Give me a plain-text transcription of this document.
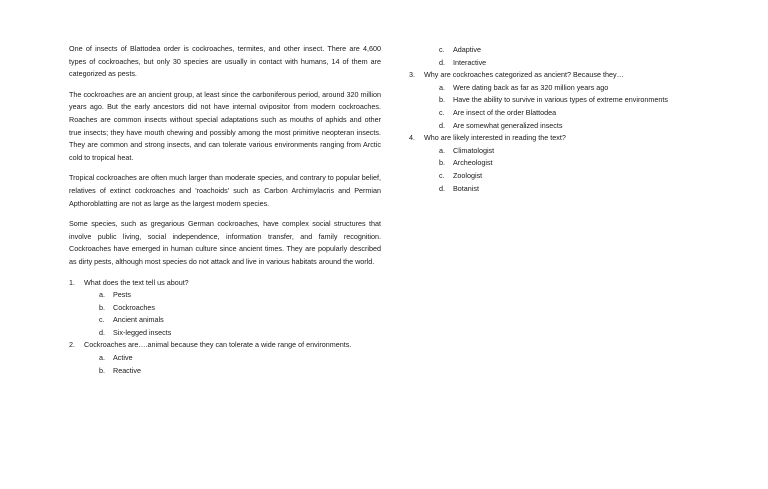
One of insects of Blattodea order is cockroaches, termites, and other insect. There are 4,600 types of cockroaches, but only 30 species are usually in contact with humans, 14 of them are categorized as pests.

The cockroaches are an ancient group, at least since the carboniferous period, around 320 million years ago. But the early ancestors did not have internal ovipositor from modern cockroaches. Roaches are common insects without special adaptations such as mouths of aphids and other true insects; they have mouth chewing and possibly among the most primitive neopteran insects. They are common and strong insects, and can tolerate various environments ranging from Arctic cold to tropical heat.

Tropical cockroaches are often much larger than moderate species, and contrary to popular belief, relatives of extinct cockroaches and 'roachoids' such as Carbon Archimylacris and Permian Apthoroblatting are not as large as the largest modern species.

Some species, such as gregarious German cockroaches, have complex social structures that involve public living, social independence, information transfer, and family recognition. Cockroaches have emerged in human culture since ancient times. They are popularly described as dirty pests, although most species do not attack and live in various habitats around the world.

1. What does the text tell us about?
a. Pests
b. Cockroaches
c. Ancient animals
d. Six-legged insects
2. Cockroaches are….animal because they can tolerate a wide range of environments.
a. Active
b. Reactive
c. Adaptive
d. Interactive
3. Why are cockroaches categorized as ancient? Because they…
a. Were dating back as far as 320 million years ago
b. Have the ability to survive in various types of extreme environments
c. Are insect of the order Blattodea
d. Are somewhat generalized insects
4. Who are likely interested in reading the text?
a. Climatologist
b. Archeologist
c. Zoologist
d. Botanist
